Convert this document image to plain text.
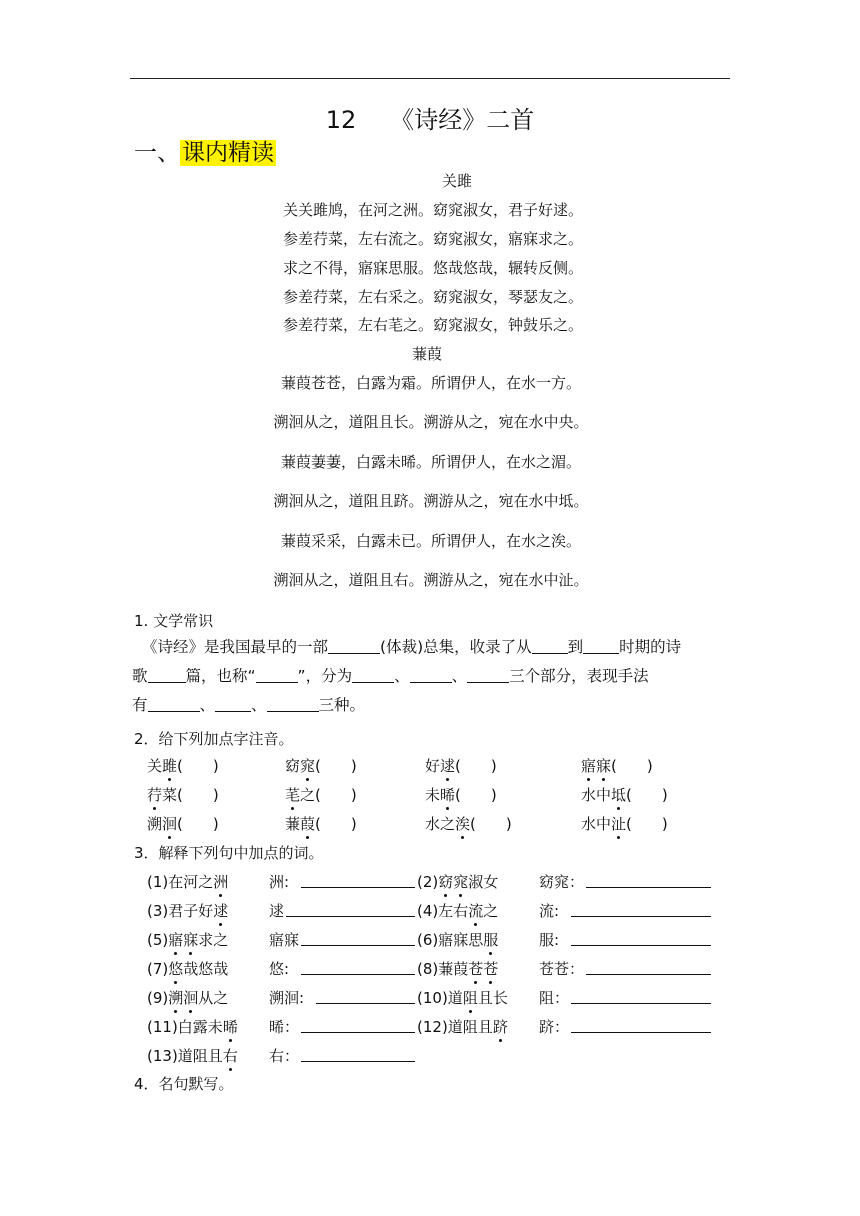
12 《诗经》二首
一、课内精读
关雎
关关雎鸠，在河之洲。窈窕淑女，君子好逑。
参差荇菜，左右流之。窈窕淑女，寤寐求之。
求之不得，寤寐思服。悠哉悠哉，辗转反侧。
参差荇菜，左右采之。窈窕淑女，琴瑟友之。
参差荇菜，左右芼之。窈窕淑女，钟鼓乐之。
蒹葭
蒹葭苍苍，白露为霜。所谓伊人，在水一方。
溯洄从之，道阻且长。溯游从之，宛在水中央。
蒹葭萋萋，白露未晞。所谓伊人，在水之湄。
溯洄从之，道阻且跻。溯游从之，宛在水中坻。
蒹葭采采，白露未已。所谓伊人，在水之涘。
溯洄从之，道阻且右。溯游从之，宛在水中沚。
1. 文学常识
《诗经》是我国最早的一部	(体裁)总集，收录了从 到 时期的诗
歌 篇，也称“	”，分为	、	、	三个部分，表现手法
有	、 、	三种。
2．给下列加点字注音。
关雎(　　)	窈窕(　　)	好逑(　　)	寤寐(　　)
荇菜(　　)	芼之(　　)	未晞(　　)	水中坻(　　)
溯洄(　　)	蒹葭(　　)	水之涘(　　)	水中沚(　　)
3．解释下列句中加点的词。
(1)在河之洲	洲:	(2)窈窕淑女	窈窕：
(3)君子好逑	逑	(4)左右流之	流:
(5)寤寐求之	寤寐	(6)寤寐思服	服:
(7)悠哉悠哉	悠:	(8)蒹葭苍苍	苍苍：
(9)溯洄从之	溯洄:	(10)道阻且长 阻：
(11)白露未晞 晞：	(12)道阻且跻 跻：
(13)道阻且右 右：
4．名句默写。
